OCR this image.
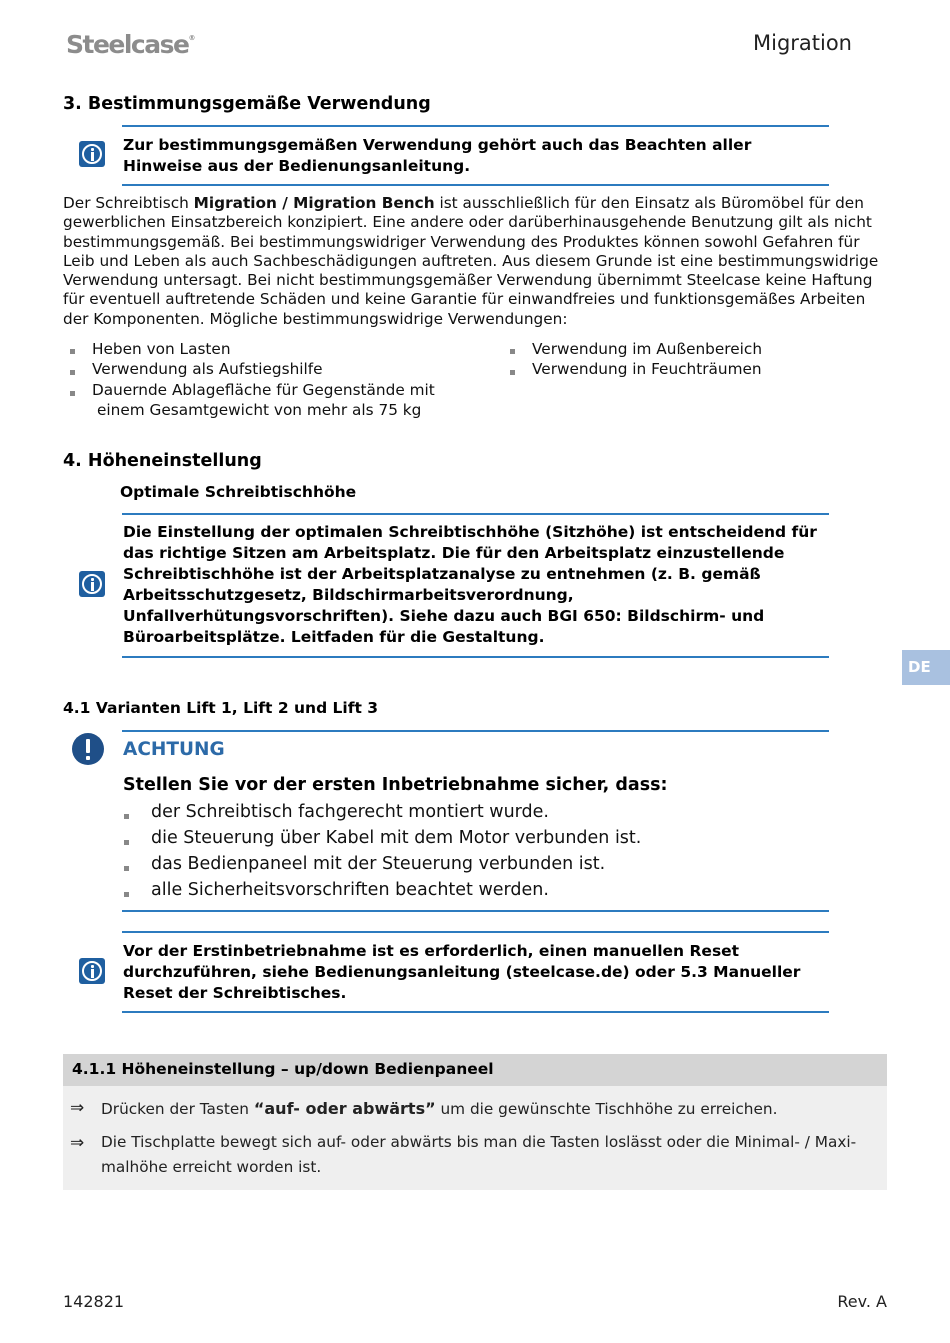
Steelcase®	Migration
3. Bestimmungsgemäße Verwendung
Zur bestimmungsgemäßen Verwendung gehört auch das Beachten aller
Hinweise aus der Bedienungsanleitung.
Der Schreibtisch Migration / Migration Bench ist ausschließlich für den Einsatz als Büromöbel für den
gewerblichen Einsatzbereich konzipiert. Eine andere oder darüberhinausgehende Benutzung gilt als nicht
bestimmungsgemäß. Bei bestimmungswidriger Verwendung des Produktes können sowohl Gefahren für
Leib und Leben als auch Sachbeschädigungen auftreten. Aus diesem Grunde ist eine bestimmungswidrige
Verwendung untersagt. Bei nicht bestimmungsgemäßer Verwendung übernimmt Steelcase keine Haftung
für eventuell auftretende Schäden und keine Garantie für einwandfreies und funktionsgemäßes Arbeiten
der Komponenten. Mögliche bestimmungswidrige Verwendungen:
Heben von Lasten
Verwendung als Aufstiegshilfe
Dauernde Ablagefläche für Gegenstände mit
einem Gesamtgewicht von mehr als 75 kg
Verwendung im Außenbereich
Verwendung in Feuchträumen
4. Höheneinstellung
Optimale Schreibtischhöhe
Die Einstellung der optimalen Schreibtischhöhe (Sitzhöhe) ist entscheidend für
das richtige Sitzen am Arbeitsplatz. Die für den Arbeitsplatz einzustellende
Schreibtischhöhe ist der Arbeitsplatzanalyse zu entnehmen (z. B. gemäß
Arbeitsschutzgesetz, Bildschirmarbeitsverordnung,
Unfallverhütungsvorschriften). Siehe dazu auch BGI 650: Bildschirm- und
Büroarbeitsplätze. Leitfaden für die Gestaltung.
DE
4.1 Varianten Lift 1, Lift 2 und Lift 3
ACHTUNG
Stellen Sie vor der ersten Inbetriebnahme sicher, dass:
der Schreibtisch fachgerecht montiert wurde.
die Steuerung über Kabel mit dem Motor verbunden ist.
das Bedienpaneel mit der Steuerung verbunden ist.
alle Sicherheitsvorschriften beachtet werden.
Vor der Erstinbetriebnahme ist es erforderlich, einen manuellen Reset
durchzuführen, siehe Bedienungsanleitung (steelcase.de) oder 5.3 Manueller
Reset der Schreibtisches.
4.1.1 Höheneinstellung – up/down Bedienpaneel
⇒ Drücken der Tasten “auf- oder abwärts” um die gewünschte Tischhöhe zu erreichen.
⇒ Die Tischplatte bewegt sich auf- oder abwärts bis man die Tasten loslässt oder die Minimal- / Maxi-
malhöhe erreicht worden ist.
142821	Rev. A
